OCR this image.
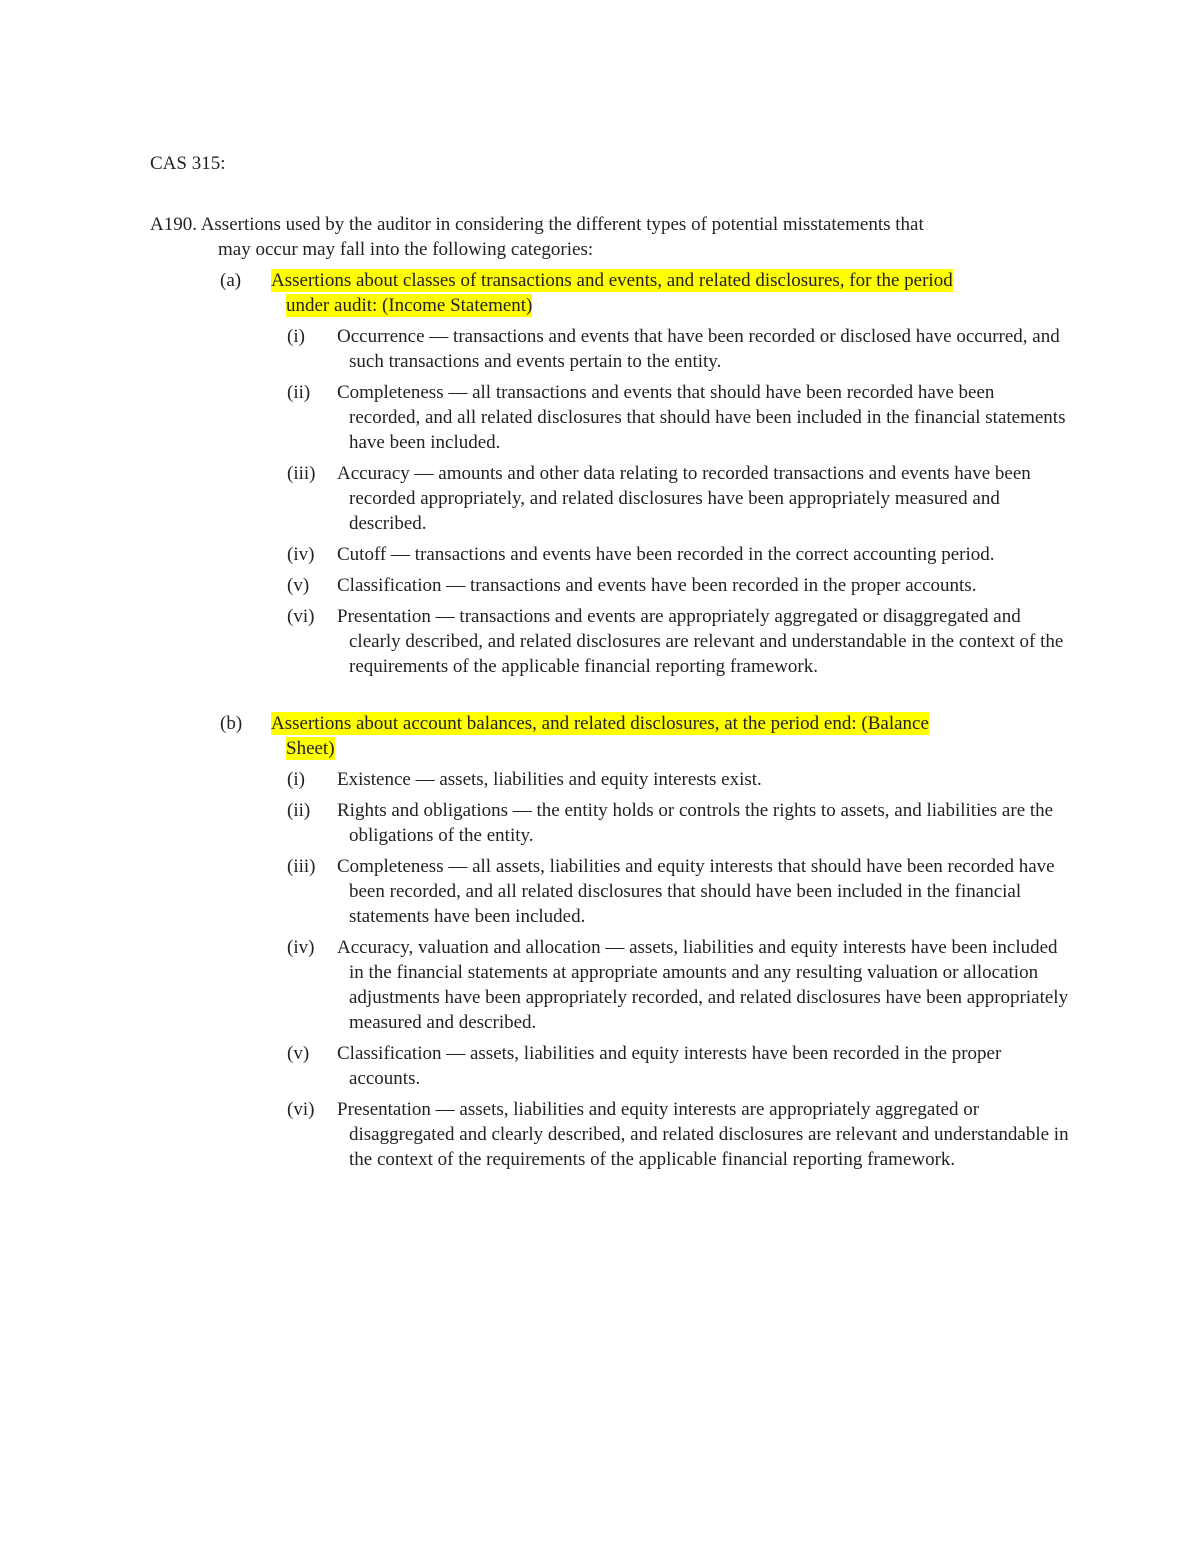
CAS 315:

A190. Assertions used by the auditor in considering the different types of potential misstatements that
may occur may fall into the following categories:

(a) Assertions about classes of transactions and events, and related disclosures, for the period
under audit: (Income Statement)

(i) Occurrence — transactions and events that have been recorded or disclosed have occurred, and such transactions and events pertain to the entity.
(ii) Completeness — all transactions and events that should have been recorded have been recorded, and all related disclosures that should have been included in the financial statements have been included.
(iii) Accuracy — amounts and other data relating to recorded transactions and events have been recorded appropriately, and related disclosures have been appropriately measured and described.
(iv) Cutoff — transactions and events have been recorded in the correct accounting period.
(v) Classification — transactions and events have been recorded in the proper accounts.
(vi) Presentation — transactions and events are appropriately aggregated or disaggregated and clearly described, and related disclosures are relevant and understandable in the context of the requirements of the applicable financial reporting framework.

(b) Assertions about account balances, and related disclosures, at the period end: (Balance
Sheet)

(i) Existence — assets, liabilities and equity interests exist.
(ii) Rights and obligations — the entity holds or controls the rights to assets, and liabilities are the obligations of the entity.
(iii) Completeness — all assets, liabilities and equity interests that should have been recorded have been recorded, and all related disclosures that should have been included in the financial statements have been included.
(iv) Accuracy, valuation and allocation — assets, liabilities and equity interests have been included in the financial statements at appropriate amounts and any resulting valuation or allocation adjustments have been appropriately recorded, and related disclosures have been appropriately measured and described.
(v) Classification — assets, liabilities and equity interests have been recorded in the proper accounts.
(vi) Presentation — assets, liabilities and equity interests are appropriately aggregated or disaggregated and clearly described, and related disclosures are relevant and understandable in the context of the requirements of the applicable financial reporting framework.
